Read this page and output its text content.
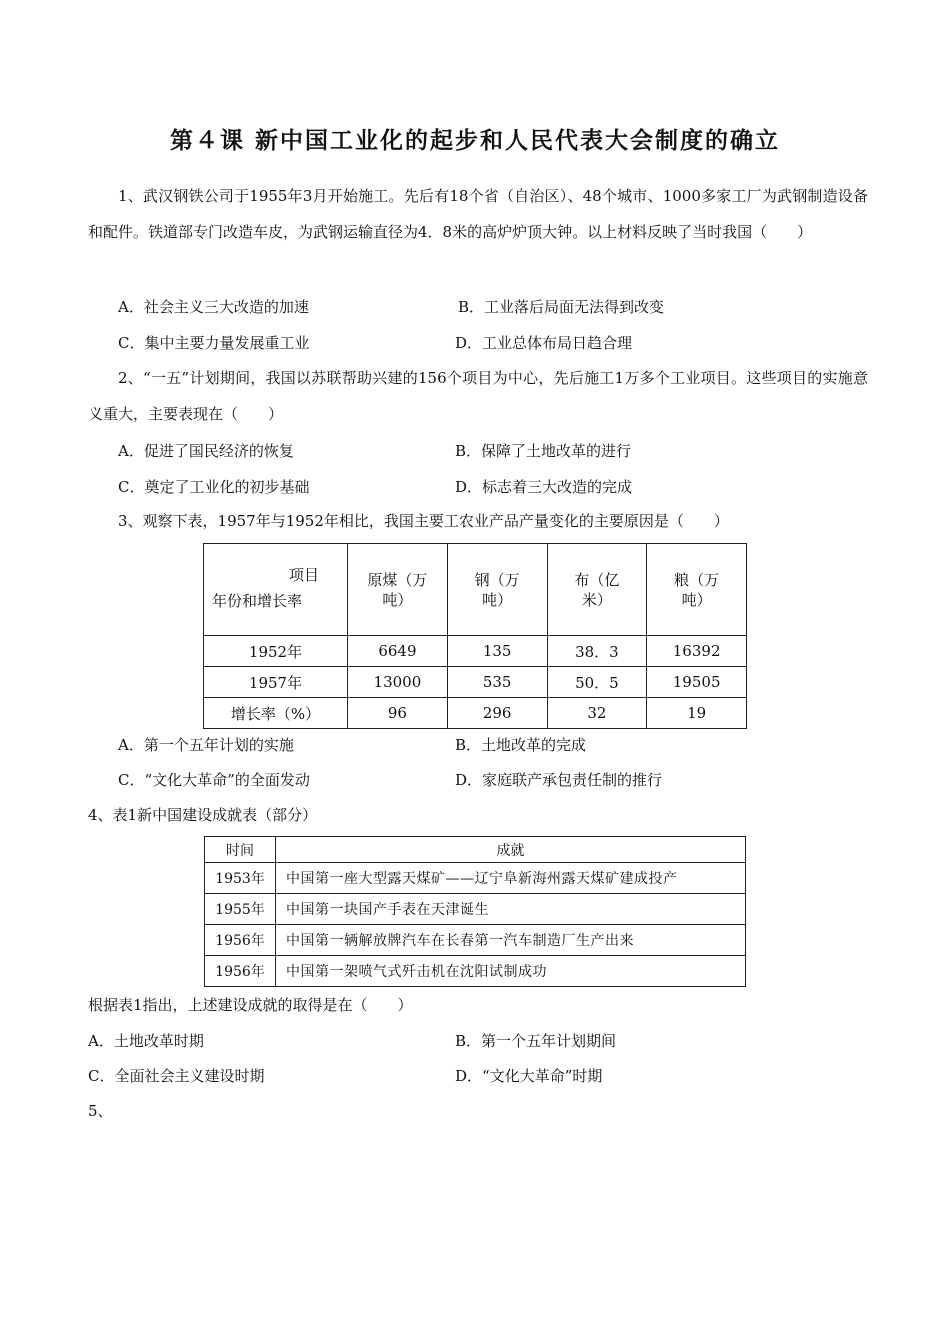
第４课 新中国工业化的起步和人民代表大会制度的确立
1、武汉钢铁公司于1955年3月开始施工。先后有18个省（自治区）、48个城市、1000多家工厂为武钢制造设备和配件。铁道部专门改造车皮，为武钢运输直径为4．8米的高炉炉顶大钟。以上材料反映了当时我国（　　）
A．社会主义三大改造的加速	B．工业落后局面无法得到改变
C．集中主要力量发展重工业	D．工业总体布局日趋合理
2、“一五”计划期间，我国以苏联帮助兴建的156个项目为中心，先后施工1万多个工业项目。这些项目的实施意义重大，主要表现在（　　）
A．促进了国民经济的恢复	B．保障了土地改革的进行
C．奠定了工业化的初步基础	D．标志着三大改造的完成
3、观察下表，1957年与1952年相比，我国主要工农业产品产量变化的主要原因是（　　）
项目
年份和增长率	原煤（万吨）	钢（万吨）	布（亿米）	粮（万吨）

1952年	6649	135	38．3	16392
1957年	13000	535	50．5	19505
增长率（%）	96	296	32	19
A．第一个五年计划的实施	B．土地改革的完成
C．“文化大革命”的全面发动	D．家庭联产承包责任制的推行
4、表1新中国建设成就表（部分）
时间	成就
1953年	中国第一座大型露天煤矿——辽宁阜新海州露天煤矿建成投产
1955年	中国第一块国产手表在天津诞生
1956年	中国第一辆解放牌汽车在长春第一汽车制造厂生产出来
1956年	中国第一架喷气式歼击机在沈阳试制成功
根据表1指出，上述建设成就的取得是在（　　）
A．土地改革时期	B．第一个五年计划期间
C．全面社会主义建设时期	D．“文化大革命”时期
5、
